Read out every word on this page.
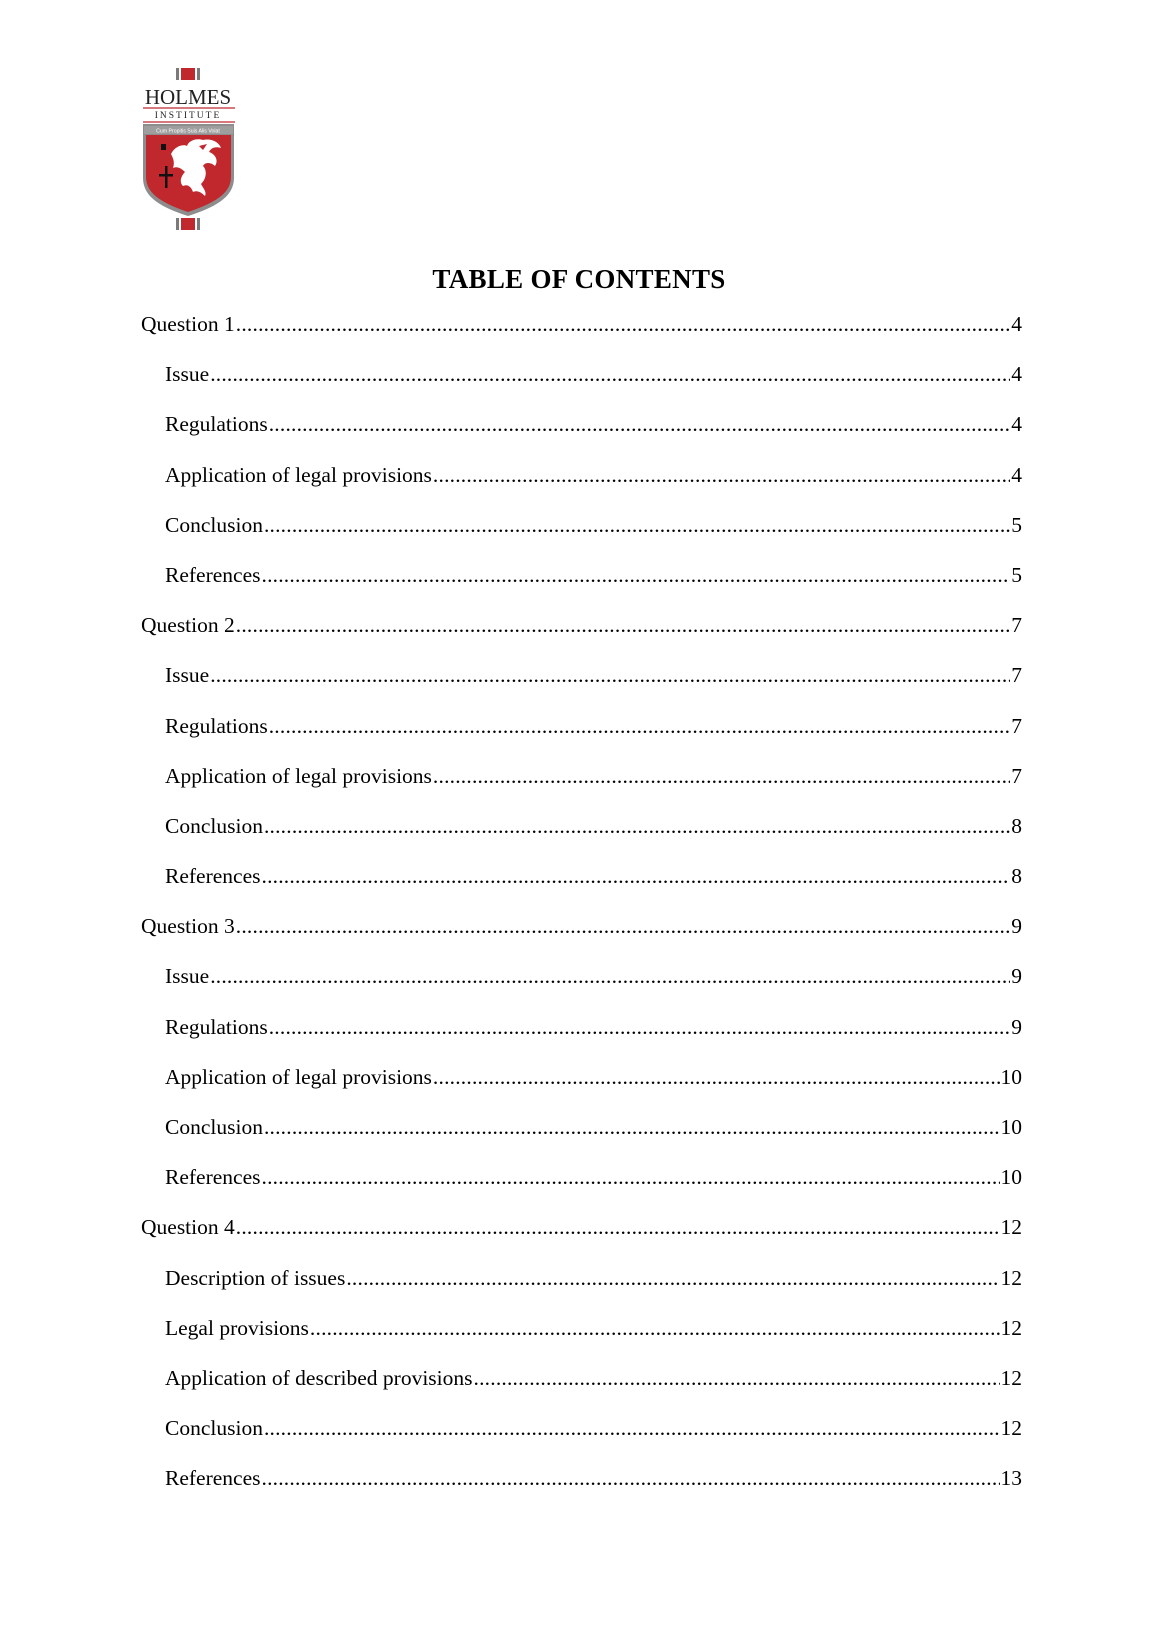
HOLMES
INSTITUTE
Cum Propitis Suis Alis Volat
TABLE OF CONTENTS
Question 1 .....	4
Issue .....	4
Regulations .....	4
Application of legal provisions .....	4
Conclusion .....	5
References .....	5
Question 2 .....	7
Issue .....	7
Regulations .....	7
Application of legal provisions .....	7
Conclusion .....	8
References .....	8
Question 3 .....	9
Issue .....	9
Regulations .....	9
Application of legal provisions .....	10
Conclusion .....	10
References .....	10
Question 4 .....	12
Description of issues .....	12
Legal provisions .....	12
Application of described provisions .....	12
Conclusion .....	12
References .....	13
